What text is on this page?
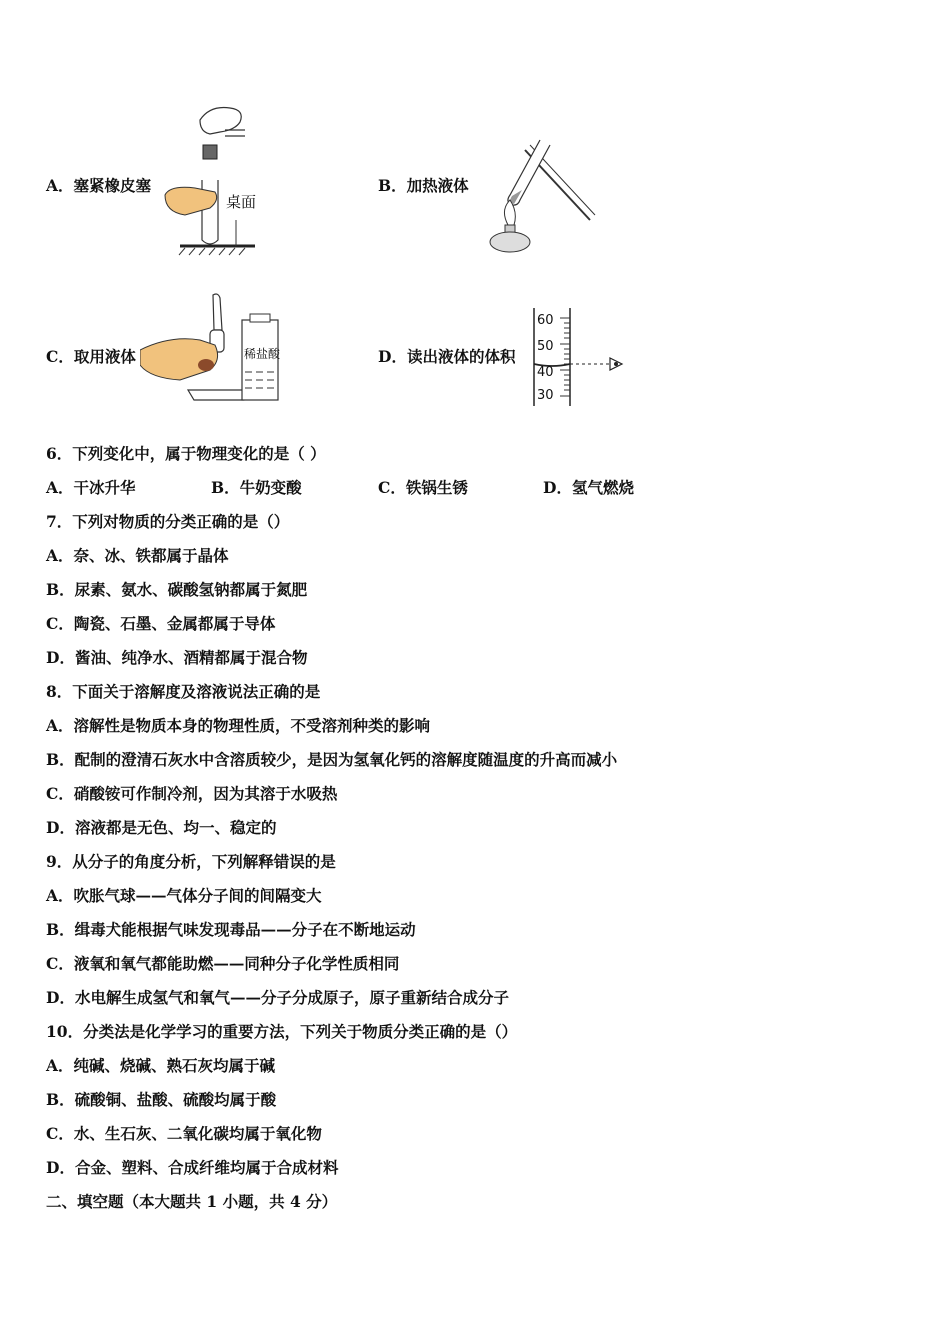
A．塞紧橡皮塞
桌面
B．加热液体
C．取用液体	稀盐酸	D．读出液体的体积
60
50
40
30
6．下列变化中，属于物理变化的是（ ）
A．干冰升华	B．牛奶变酸	C．铁锅生锈	D．氢气燃烧
7．下列对物质的分类正确的是（）
A．奈、冰、铁都属于晶体
B．尿素、氨水、碳酸氢钠都属于氮肥
C．陶瓷、石墨、金属都属于导体
D．酱油、纯净水、酒精都属于混合物
8．下面关于溶解度及溶液说法正确的是
A．溶解性是物质本身的物理性质，不受溶剂种类的影响
B．配制的澄清石灰水中含溶质较少，是因为氢氧化钙的溶解度随温度的升高而减小
C．硝酸铵可作制冷剂，因为其溶于水吸热
D．溶液都是无色、均一、稳定的
9．从分子的角度分析，下列解释错误的是
A．吹胀气球——气体分子间的间隔变大
B．缉毒犬能根据气味发现毒品——分子在不断地运动
C．液氧和氧气都能助燃——同种分子化学性质相同
D．水电解生成氢气和氧气——分子分成原子，原子重新结合成分子
10．分类法是化学学习的重要方法，下列关于物质分类正确的是（）
A．纯碱、烧碱、熟石灰均属于碱
B．硫酸铜、盐酸、硫酸均属于酸
C．水、生石灰、二氧化碳均属于氧化物
D．合金、塑料、合成纤维均属于合成材料
二、填空题（本大题共 1 小题，共 4 分）
